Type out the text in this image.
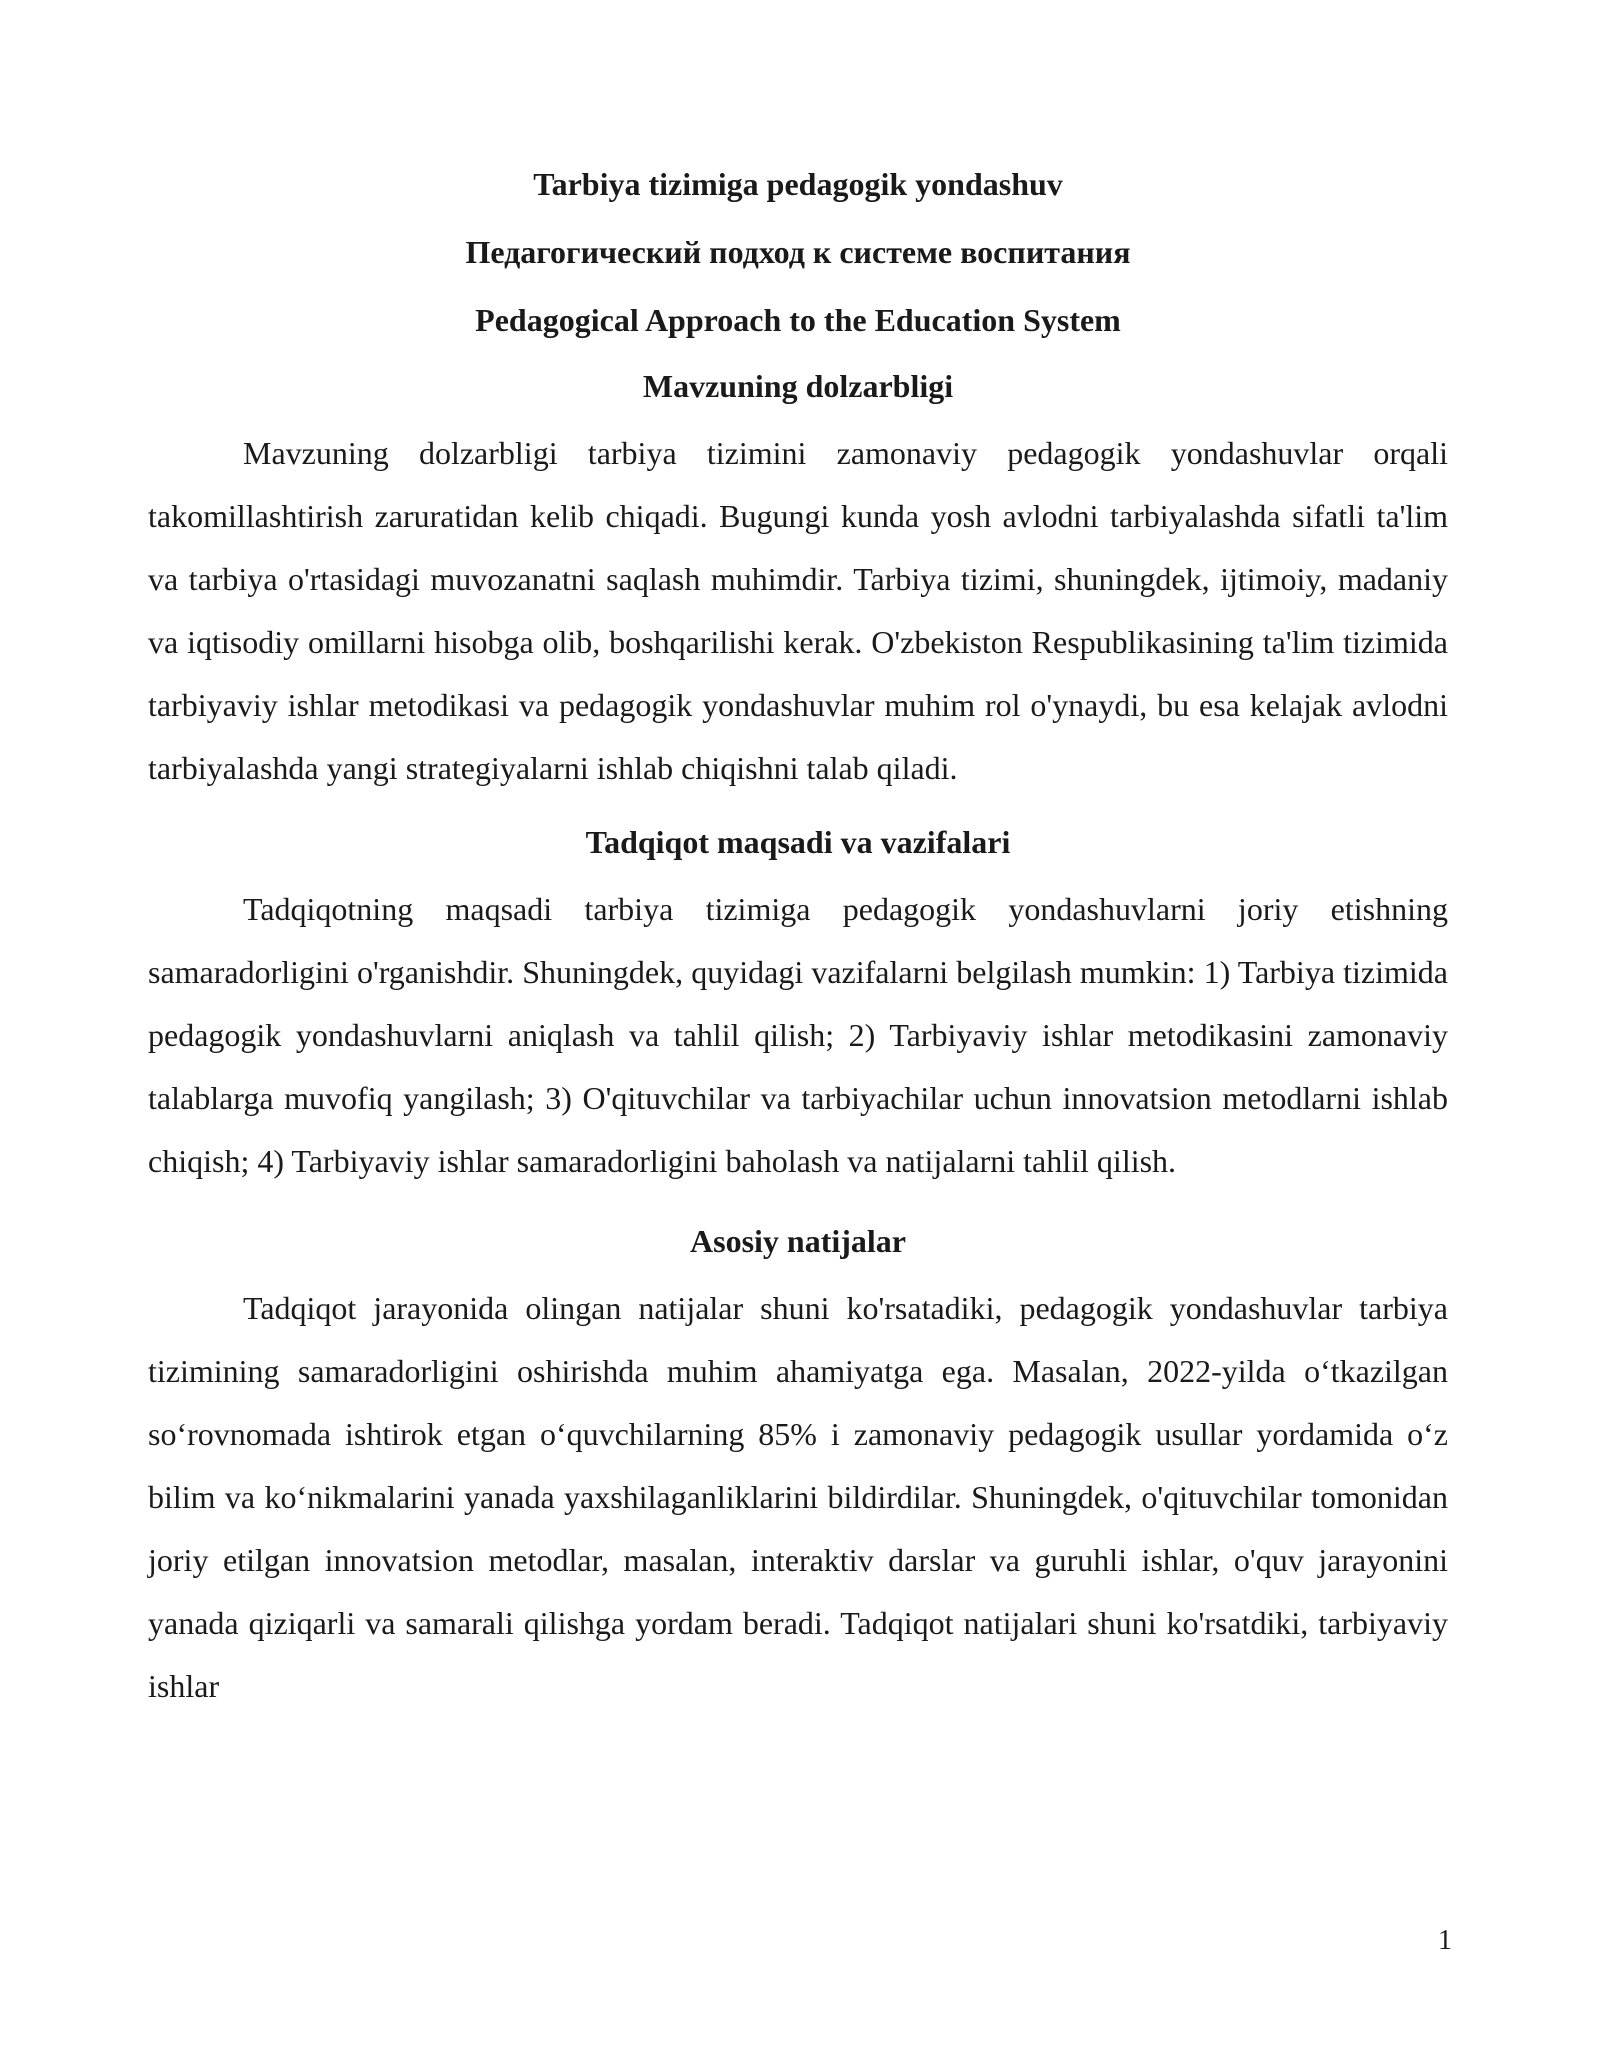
Tarbiya tizimiga pedagogik yondashuv

Педагогический подход к системе воспитания

Pedagogical Approach to the Education System

Mavzuning dolzarbligi

Mavzuning dolzarbligi tarbiya tizimini zamonaviy pedagogik yondashuvlar orqali takomillashtirish zaruratidan kelib chiqadi. Bugungi kunda yosh avlodni tarbiyalashda sifatli ta'lim va tarbiya o'rtasidagi muvozanatni saqlash muhimdir. Tarbiya tizimi, shuningdek, ijtimoiy, madaniy va iqtisodiy omillarni hisobga olib, boshqarilishi kerak. O'zbekiston Respublikasining ta'lim tizimida tarbiyaviy ishlar metodikasi va pedagogik yondashuvlar muhim rol o'ynaydi, bu esa kelajak avlodni tarbiyalashda yangi strategiyalarni ishlab chiqishni talab qiladi.

Tadqiqot maqsadi va vazifalari

Tadqiqotning maqsadi tarbiya tizimiga pedagogik yondashuvlarni joriy etishning samaradorligini o'rganishdir. Shuningdek, quyidagi vazifalarni belgilash mumkin: 1) Tarbiya tizimida pedagogik yondashuvlarni aniqlash va tahlil qilish; 2) Tarbiyaviy ishlar metodikasini zamonaviy talablarga muvofiq yangilash; 3) O'qituvchilar va tarbiyachilar uchun innovatsion metodlarni ishlab chiqish; 4) Tarbiyaviy ishlar samaradorligini baholash va natijalarni tahlil qilish.

Asosiy natijalar

Tadqiqot jarayonida olingan natijalar shuni ko'rsatadiki, pedagogik yondashuvlar tarbiya tizimining samaradorligini oshirishda muhim ahamiyatga ega. Masalan, 2022-yilda oʻtkazilgan soʻrovnomada ishtirok etgan oʻquvchilarning 85% i zamonaviy pedagogik usullar yordamida oʻz bilim va koʻnikmalarini yanada yaxshilaganliklarini bildirdilar. Shuningdek, o'qituvchilar tomonidan joriy etilgan innovatsion metodlar, masalan, interaktiv darslar va guruhli ishlar, o'quv jarayonini yanada qiziqarli va samarali qilishga yordam beradi. Tadqiqot natijalari shuni ko'rsatdiki, tarbiyaviy ishlar

1
